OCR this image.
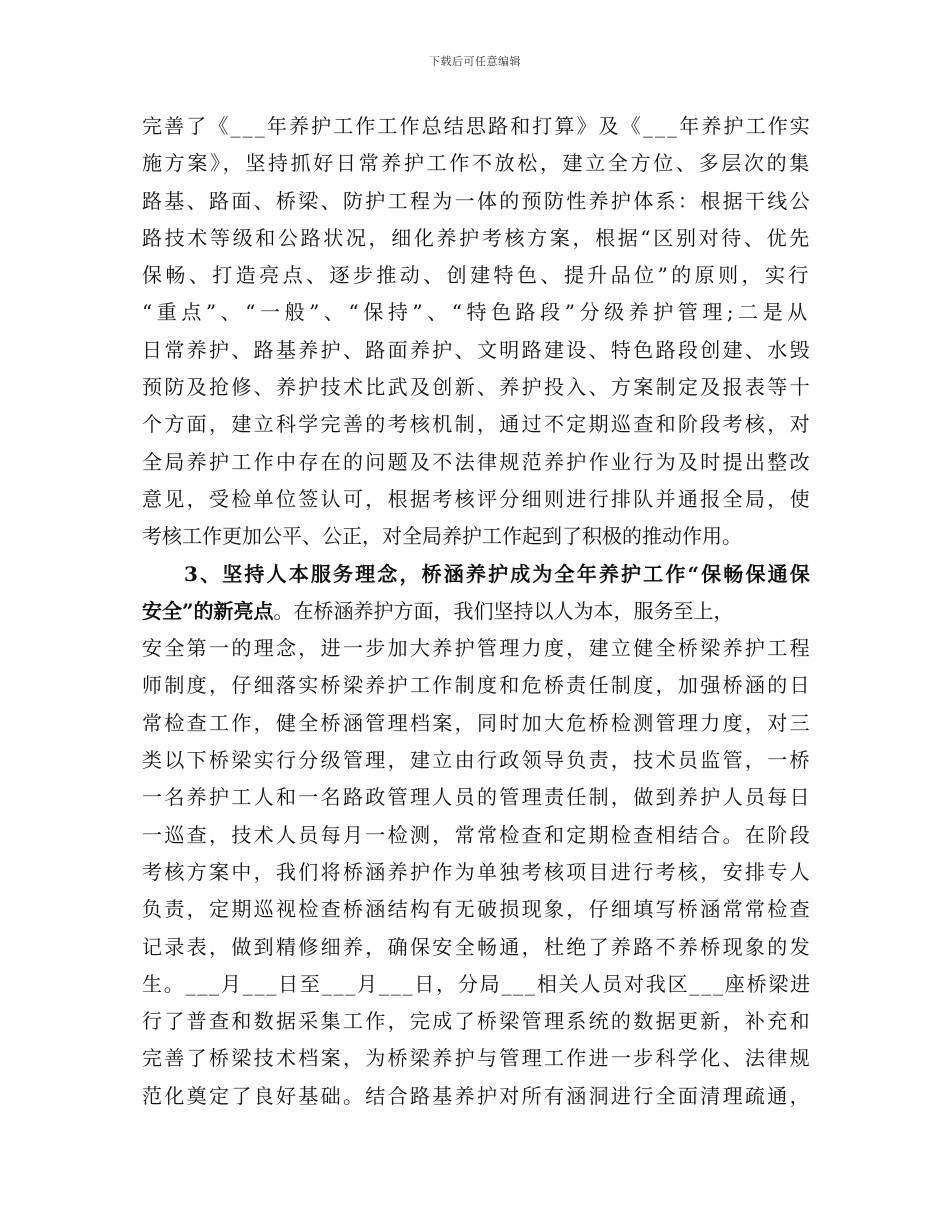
下载后可任意编辑
完善了《___年养护工作工作总结思路和打算》及《___年养护工作实
施方案》，坚持抓好日常养护工作不放松，建立全方位、多层次的集
路基、路面、桥梁、防护工程为一体的预防性养护体系：根据干线公
路技术等级和公路状况，细化养护考核方案，根据“区别对待、优先
保畅、打造亮点、逐步推动、创建特色、提升品位”的原则，实行
“重点”、“一般”、“保持”、“特色路段”分级养护管理;二是从
日常养护、路基养护、路面养护、文明路建设、特色路段创建、水毁
预防及抢修、养护技术比武及创新、养护投入、方案制定及报表等十
个方面，建立科学完善的考核机制，通过不定期巡查和阶段考核，对
全局养护工作中存在的问题及不法律规范养护作业行为及时提出整改
意见，受检单位签认可，根据考核评分细则进行排队并通报全局，使
考核工作更加公平、公正，对全局养护工作起到了积极的推动作用。
3、坚持人本服务理念，桥涵养护成为全年养护工作“保畅保通保
安全”的新亮点 。在桥涵养护方面，我们坚持以人为本，服务至上，
安全第一的理念，进一步加大养护管理力度，建立健全桥梁养护工程
师制度，仔细落实桥梁养护工作制度和危桥责任制度，加强桥涵的日
常检查工作，健全桥涵管理档案，同时加大危桥检测管理力度，对三
类以下桥梁实行分级管理，建立由行政领导负责，技术员监管，一桥
一名养护工人和一名路政管理人员的管理责任制，做到养护人员每日
一巡查，技术人员每月一检测，常常检查和定期检查相结合。在阶段
考核方案中，我们将桥涵养护作为单独考核项目进行考核，安排专人
负责，定期巡视检查桥涵结构有无破损现象，仔细填写桥涵常常检查
记录表，做到精修细养，确保安全畅通，杜绝了养路不养桥现象的发
生。___月___日至___月___日，分局___相关人员对我区___座桥梁进
行了普查和数据采集工作，完成了桥梁管理系统的数据更新，补充和
完善了桥梁技术档案，为桥梁养护与管理工作进一步科学化、法律规
范化奠定了良好基础。结合路基养护对所有涵洞进行全面清理疏通，
